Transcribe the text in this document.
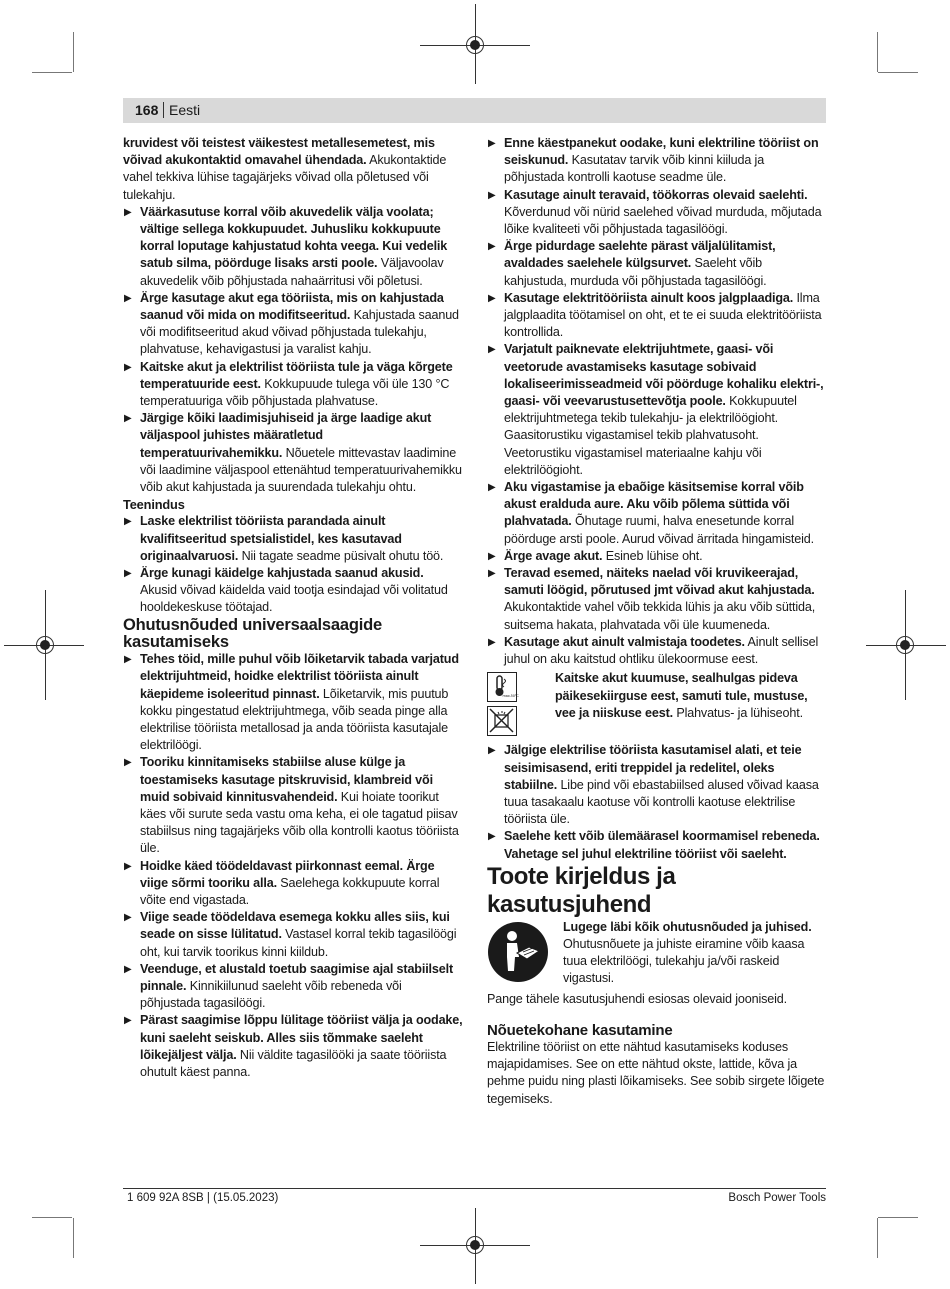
168 Eesti

kruvidest või teistest väikestest metallesemetest, mis võivad akukontaktid omavahel ühendada. Akukontaktide vahel tekkiva lühise tagajärjeks võivad olla põletused või tulekahju.

▶ Väärkasutuse korral võib akuvedelik välja voolata; vältige sellega kokkupuudet. Juhusliku kokkupuute korral loputage kahjustatud kohta veega. Kui vedelik satub silma, pöörduge lisaks arsti poole. Väljavoolav akuvedelik võib põhjustada nahaärritusi või põletusi.

▶ Ärge kasutage akut ega tööriista, mis on kahjustada saanud või mida on modifitseeritud. Kahjustada saanud või modifitseeritud akud võivad põhjustada tulekahju, plahvatuse, kehavigastusi ja varalist kahju.

▶ Kaitske akut ja elektrilist tööriista tule ja väga kõrgete temperatuuride eest. Kokkupuude tulega või üle 130 °C temperatuuriga võib põhjustada plahvatuse.

▶ Järgige kõiki laadimisjuhiseid ja ärge laadige akut väljaspool juhistes määratletud temperatuurivahemikku. Nõuetele mittevastav laadimine või laadimine väljaspool ettenähtud temperatuurivahemikku võib akut kahjustada ja suurendada tulekahju ohtu.

Teenindus

▶ Laske elektrilist tööriista parandada ainult kvalifitseeritud spetsialistidel, kes kasutavad originaalvaruosi. Nii tagate seadme püsivalt ohutu töö.

▶ Ärge kunagi käidelge kahjustada saanud akusid. Akusid võivad käidelda vaid tootja esindajad või volitatud hooldekeskuse töötajad.

Ohutusnõuded universaalsaagide kasutamiseks

▶ Tehes töid, mille puhul võib lõiketarvik tabada varjatud elektrijuhtmeid, hoidke elektrilist tööriista ainult käepideme isoleeritud pinnast. Lõiketarvik, mis puutub kokku pingestatud elektrijuhtmega, võib seada pinge alla elektrilise tööriista metallosad ja anda tööriista kasutajale elektrilöögi.

▶ Tooriku kinnitamiseks stabiilse aluse külge ja toestamiseks kasutage pitskruvisid, klambreid või muid sobivaid kinnitusvahendeid. Kui hoiate toorikut käes või surute seda vastu oma keha, ei ole tagatud piisav stabiilsus ning tagajärjeks võib olla kontrolli kaotus tööriista üle.

▶ Hoidke käed töödeldavast piirkonnast eemal. Ärge viige sõrmi tooriku alla. Saelehega kokkupuute korral võite end vigastada.

▶ Viige seade töödeldava esemega kokku alles siis, kui seade on sisse lülitatud. Vastasel korral tekib tagasilöögi oht, kui tarvik toorikus kinni kiildub.

▶ Veenduge, et alustald toetub saagimise ajal stabiilselt pinnale. Kinnikiilunud saeleht võib rebeneda või põhjustada tagasilöögi.

▶ Pärast saagimise lõppu lülitage tööriist välja ja oodake, kuni saeleht seiskub. Alles siis tõmmake saeleht lõikejäljest välja. Nii väldite tagasilööki ja saate tööriista ohutult käest panna.

▶ Enne käestpanekut oodake, kuni elektriline tööriist on seiskunud. Kasutatav tarvik võib kinni kiiluda ja põhjustada kontrolli kaotuse seadme üle.

▶ Kasutage ainult teravaid, töökorras olevaid saelehti. Kõverdunud või nürid saelehed võivad murduda, mõjutada lõike kvaliteeti või põhjustada tagasilöögi.

▶ Ärge pidurdage saelehte pärast väljalülitamist, avaldades saelehele külgsurvet. Saeleht võib kahjustuda, murduda või põhjustada tagasilöögi.

▶ Kasutage elektritööriista ainult koos jalgplaadiga. Ilma jalgplaadita töötamisel on oht, et te ei suuda elektritööriista kontrollida.

▶ Varjatult paiknevate elektrijuhtmete, gaasi- või veetorude avastamiseks kasutage sobivaid lokaliseerimisseadmeid või pöörduge kohaliku elektri-, gaasi- või veevarustusettevõtja poole. Kokkupuutel elektrijuhtmetega tekib tulekahju- ja elektrilöögioht. Gaasitorustiku vigastamisel tekib plahvatusoht. Veetorustiku vigastamisel materiaalne kahju või elektrilöögioht.

▶ Aku vigastamise ja ebaõige käsitsemise korral võib akust eralduda aure. Aku võib põlema süttida või plahvatada. Õhutage ruumi, halva enesetunde korral pöörduge arsti poole. Aurud võivad ärritada hingamisteid.

▶ Ärge avage akut. Esineb lühise oht.

▶ Teravad esemed, näiteks naelad või kruvikeerajad, samuti löögid, põrutused jmt võivad akut kahjustada. Akukontaktide vahel võib tekkida lühis ja aku võib süttida, suitsema hakata, plahvatada või üle kuumeneda.

▶ Kasutage akut ainult valmistaja toodetes. Ainult sellisel juhul on aku kaitstud ohtliku ülekoormuse eest.

max.50°C

Kaitske akut kuumuse, sealhulgas pideva päikesekiirguse eest, samuti tule, mustuse, vee ja niiskuse eest. Plahvatus- ja lühiseoht.

▶ Jälgige elektrilise tööriista kasutamisel alati, et teie seisimisasend, eriti treppidel ja redelitel, oleks stabiilne. Libe pind või ebastabiilsed alused võivad kaasa tuua tasakaalu kaotuse või kontrolli kaotuse elektrilise tööriista üle.

▶ Saelehe kett võib ülemäärasel koormamisel rebeneda. Vahetage sel juhul elektriline tööriist või saeleht.

Toote kirjeldus ja kasutusjuhend

Lugege läbi kõik ohutusnõuded ja juhised. Ohutusnõuete ja juhiste eiramine võib kaasa tuua elektrilöögi, tulekahju ja/või raskeid vigastusi.

Pange tähele kasutusjuhendi esiosas olevaid jooniseid.

Nõuetekohane kasutamine

Elektriline tööriist on ette nähtud kasutamiseks koduses majapidamises. See on ette nähtud okste, lattide, kõva ja pehme puidu ning plasti lõikamiseks. See sobib sirgete lõigete tegemiseks.

1 609 92A 8SB | (15.05.2023)	Bosch Power Tools
